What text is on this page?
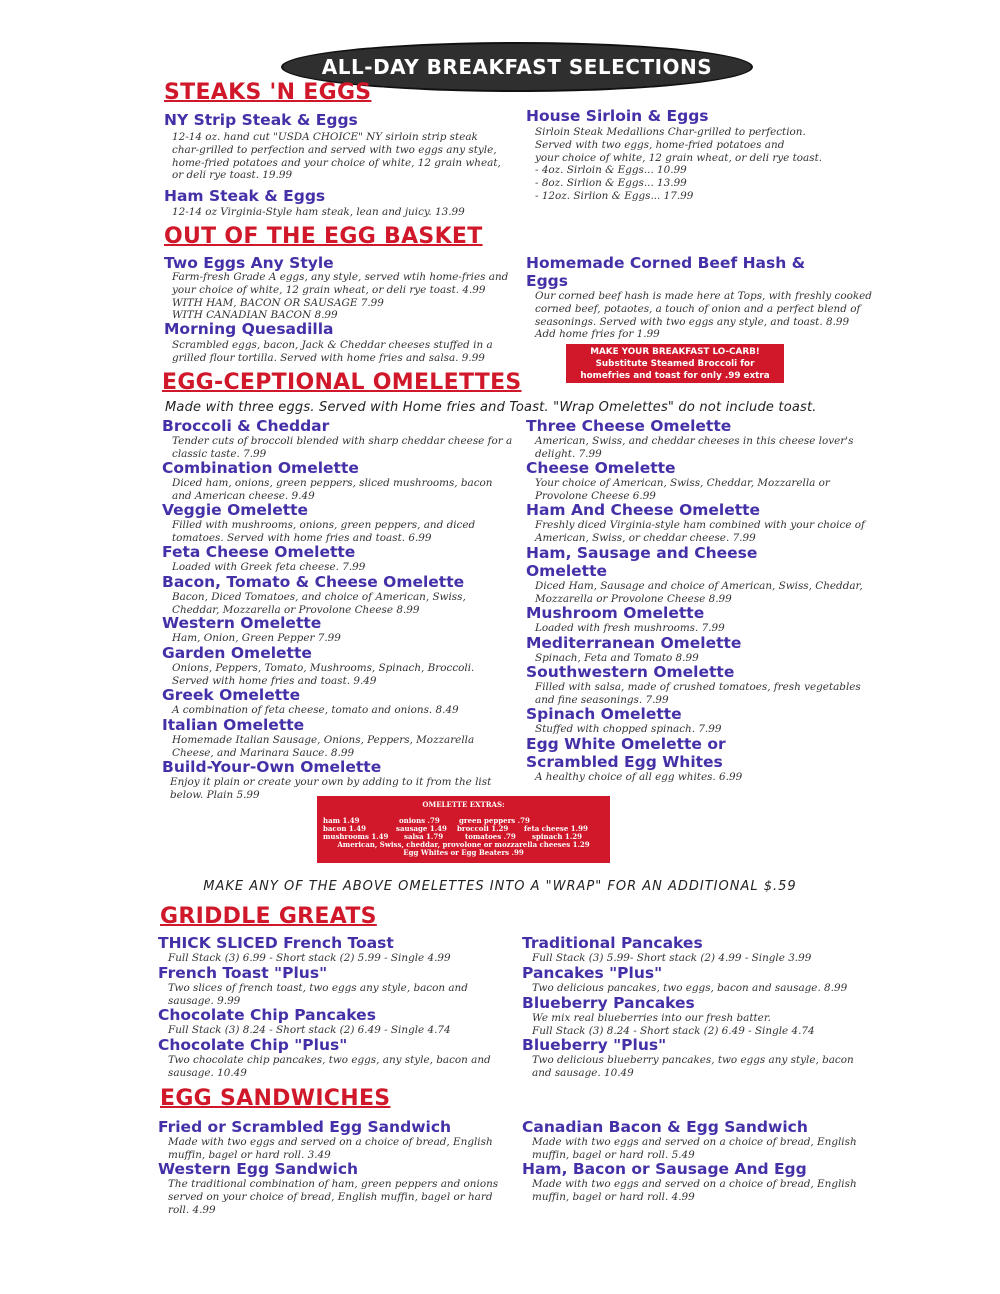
ALL-DAY BREAKFAST SELECTIONS
STEAKS 'N EGGS
NY Strip Steak & Eggs
12-14 oz. hand cut "USDA CHOICE" NY sirloin strip steak
char-grilled to perfection and served with two eggs any style,
home-fried potatoes and your choice of white, 12 grain wheat,
or deli rye toast. 19.99
Ham Steak & Eggs
12-14 oz Virginia-Style ham steak, lean and juicy. 13.99
House Sirloin & Eggs
Sirloin Steak Medallions Char-grilled to perfection.
Served with two eggs, home-fried potatoes and
your choice of white, 12 grain wheat, or deli rye toast.
- 4oz. Sirloin & Eggs... 10.99
- 8oz. Sirlion & Eggs... 13.99
- 12oz. Sirlion & Eggs... 17.99
OUT OF THE EGG BASKET
Two Eggs Any Style
Farm-fresh Grade A eggs, any style, served wtih home-fries and
your choice of white, 12 grain wheat, or deli rye toast. 4.99
WITH HAM, BACON OR SAUSAGE 7.99
WITH CANADIAN BACON 8.99
Morning Quesadilla
Scrambled eggs, bacon, Jack & Cheddar cheeses stuffed in a
grilled flour tortilla. Served with home fries and salsa. 9.99
Homemade Corned Beef Hash &
Eggs
Our corned beef hash is made here at Tops, with freshly cooked
corned beef, potaotes, a touch of onion and a perfect blend of
seasonings. Served with two eggs any style, and toast. 8.99
Add home fries for 1.99
MAKE YOUR BREAKFAST LO-CARB!
Substitute Steamed Broccoli for
homefries and toast for only .99 extra
EGG-CEPTIONAL OMELETTES
Made with three eggs. Served with Home fries and Toast. "Wrap Omelettes" do not include toast.
Broccoli & Cheddar
Tender cuts of broccoli blended with sharp cheddar cheese for a
classic taste. 7.99
Combination Omelette
Diced ham, onions, green peppers, sliced mushrooms, bacon
and American cheese. 9.49
Veggie Omelette
Filled with mushrooms, onions, green peppers, and diced
tomatoes. Served with home fries and toast. 6.99
Feta Cheese Omelette
Loaded with Greek feta cheese. 7.99
Bacon, Tomato & Cheese Omelette
Bacon, Diced Tomatoes, and choice of American, Swiss,
Cheddar, Mozzarella or Provolone Cheese 8.99
Western Omelette
Ham, Onion, Green Pepper 7.99
Garden Omelette
Onions, Peppers, Tomato, Mushrooms, Spinach, Broccoli.
Served with home fries and toast. 9.49
Greek Omelette
A combination of feta cheese, tomato and onions. 8.49
Italian Omelette
Homemade Italian Sausage, Onions, Peppers, Mozzarella
Cheese, and Marinara Sauce. 8.99
Build-Your-Own Omelette
Enjoy it plain or create your own by adding to it from the list
below. Plain 5.99
Three Cheese Omelette
American, Swiss, and cheddar cheeses in this cheese lover's
delight. 7.99
Cheese Omelette
Your choice of American, Swiss, Cheddar, Mozzarella or
Provolone Cheese 6.99
Ham And Cheese Omelette
Freshly diced Virginia-style ham combined with your choice of
American, Swiss, or cheddar cheese. 7.99
Ham, Sausage and Cheese
Omelette
Diced Ham, Sausage and choice of American, Swiss, Cheddar,
Mozzarella or Provolone Cheese 8.99
Mushroom Omelette
Loaded with fresh mushrooms. 7.99
Mediterranean Omelette
Spinach, Feta and Tomato 8.99
Southwestern Omelette
Filled with salsa, made of crushed tomatoes, fresh vegetables
and fine seasonings. 7.99
Spinach Omelette
Stuffed with chopped spinach. 7.99
Egg White Omelette or
Scrambled Egg Whites
A healthy choice of all egg whites. 6.99
OMELETTE EXTRAS:
ham 1.49	onions .79	green peppers .79
bacon 1.49	sausage 1.49 broccoli 1.29 feta cheese 1.99
mushrooms 1.49 salsa 1.79	tomatoes .79 spinach 1.29
American, Swiss, cheddar, provolone or mozzarella cheeses 1.29
Egg Whites or Egg Beaters .99
MAKE ANY OF THE ABOVE OMELETTES INTO A "WRAP" FOR AN ADDITIONAL $.59
GRIDDLE GREATS
THICK SLICED French Toast
Full Stack (3) 6.99 - Short stack (2) 5.99 - Single 4.99
French Toast "Plus"
Two slices of french toast, two eggs any style, bacon and
sausage. 9.99
Chocolate Chip Pancakes
Full Stack (3) 8.24 - Short stack (2) 6.49 - Single 4.74
Chocolate Chip "Plus"
Two chocolate chip pancakes, two eggs, any style, bacon and
sausage. 10.49
Traditional Pancakes
Full Stack (3) 5.99- Short stack (2) 4.99 - Single 3.99
Pancakes "Plus"
Two delicious pancakes, two eggs, bacon and sausage. 8.99
Blueberry Pancakes
We mix real blueberries into our fresh batter.
Full Stack (3) 8.24 - Short stack (2) 6.49 - Single 4.74
Blueberry "Plus"
Two delicious blueberry pancakes, two eggs any style, bacon
and sausage. 10.49
EGG SANDWICHES
Fried or Scrambled Egg Sandwich
Made with two eggs and served on a choice of bread, English
muffin, bagel or hard roll. 3.49
Western Egg Sandwich
The traditional combination of ham, green peppers and onions
served on your choice of bread, English muffin, bagel or hard
roll. 4.99
Canadian Bacon & Egg Sandwich
Made with two eggs and served on a choice of bread, English
muffin, bagel or hard roll. 5.49
Ham, Bacon or Sausage And Egg
Made with two eggs and served on a choice of bread, English
muffin, bagel or hard roll. 4.99
